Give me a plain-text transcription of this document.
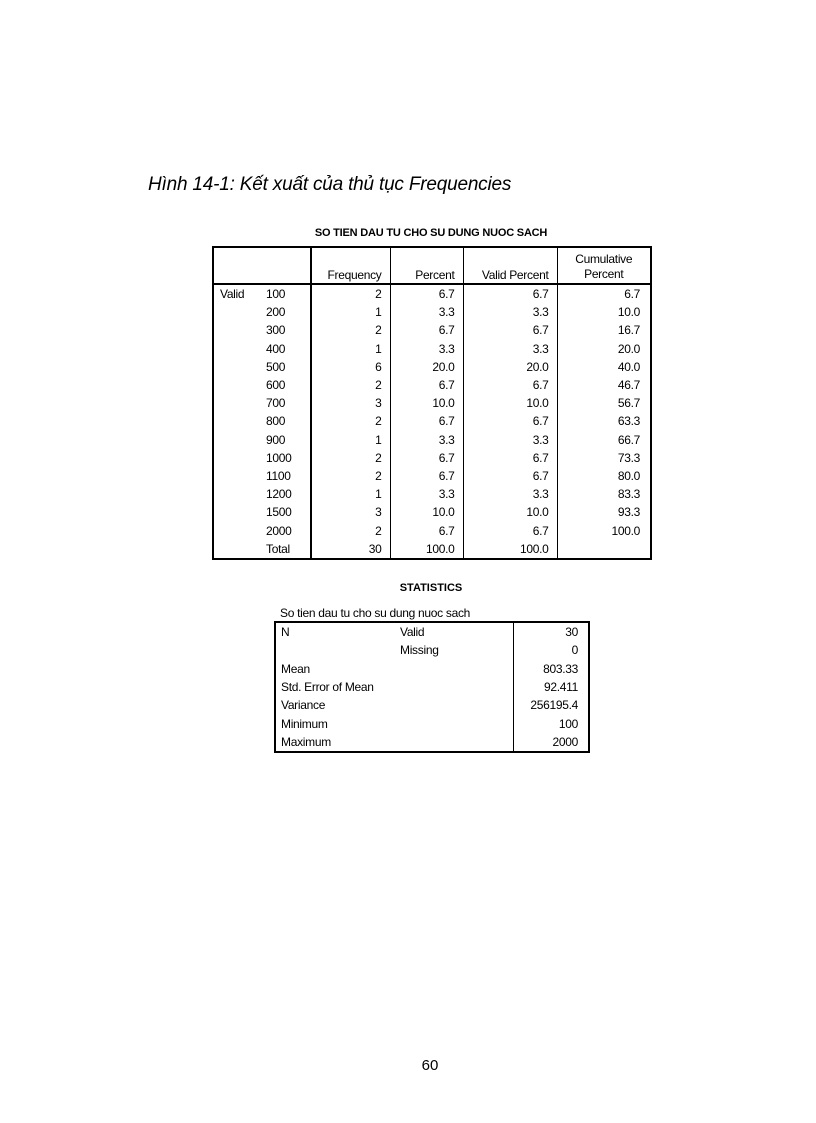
Hình 14-1: Kết xuất của thủ tục Frequencies
SO TIEN DAU TU CHO SU DUNG NUOC SACH
		Frequency	Percent	Valid Percent	Cumulative Percent
Valid	100	2	6.7	6.7	6.7
	200	1	3.3	3.3	10.0
	300	2	6.7	6.7	16.7
	400	1	3.3	3.3	20.0
	500	6	20.0	20.0	40.0
	600	2	6.7	6.7	46.7
	700	3	10.0	10.0	56.7
	800	2	6.7	6.7	63.3
	900	1	3.3	3.3	66.7
	1000	2	6.7	6.7	73.3
	1100	2	6.7	6.7	80.0
	1200	1	3.3	3.3	83.3
	1500	3	10.0	10.0	93.3
	2000	2	6.7	6.7	100.0
	Total	30	100.0	100.0	
STATISTICS
So tien dau tu cho su dung nuoc sach
N	Valid	30
	Missing	0
Mean		803.33
Std. Error of Mean		92.411
Variance		256195.4
Minimum		100
Maximum		2000
60
